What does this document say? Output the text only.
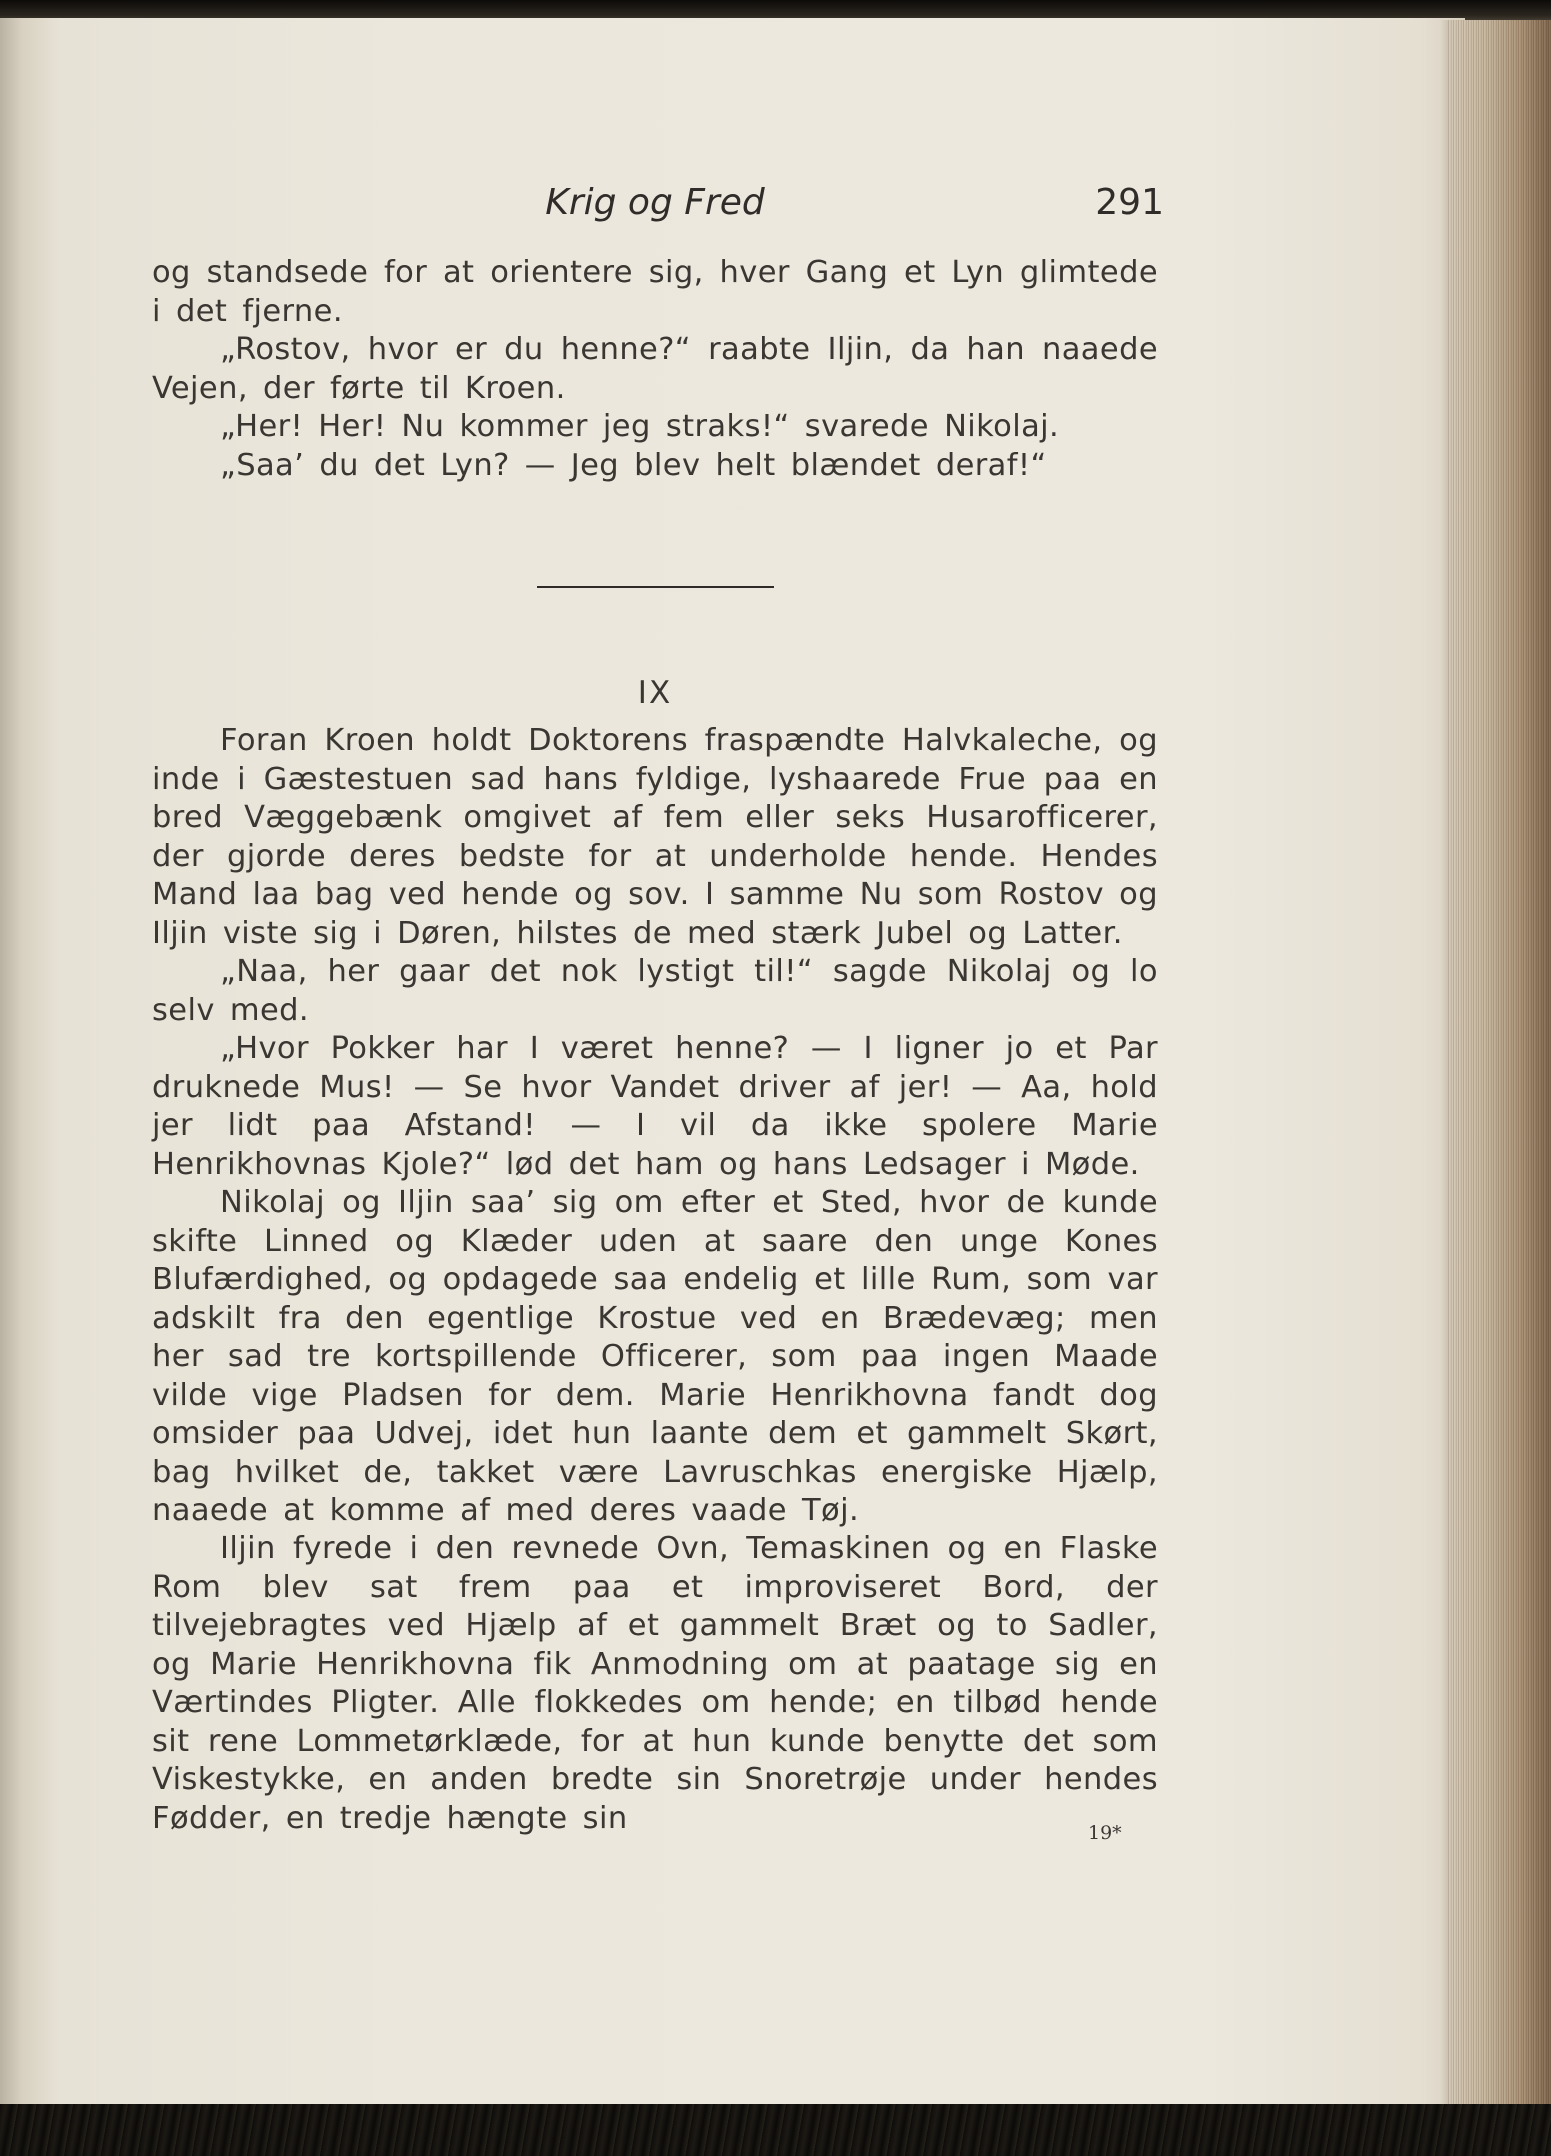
Krig og Fred	291

og standsede for at orientere sig, hver Gang et Lyn glimtede i det fjerne.

„Rostov, hvor er du henne?“ raabte Iljin, da han naaede Vejen, der førte til Kroen.

„Her! Her! Nu kommer jeg straks!“ svarede Nikolaj.

„Saa’ du det Lyn? — Jeg blev helt blændet deraf!“

IX

Foran Kroen holdt Doktorens fraspændte Halvkaleche, og inde i Gæstestuen sad hans fyldige, lyshaarede Frue paa en bred Væggebænk omgivet af fem eller seks Husarofficerer, der gjorde deres bedste for at underholde hende. Hendes Mand laa bag ved hende og sov. I samme Nu som Rostov og Iljin viste sig i Døren, hilstes de med stærk Jubel og Latter.

„Naa, her gaar det nok lystigt til!“ sagde Nikolaj og lo selv med.

„Hvor Pokker har I været henne? — I ligner jo et Par druknede Mus! — Se hvor Vandet driver af jer! — Aa, hold jer lidt paa Afstand! — I vil da ikke spolere Marie Henrikhovnas Kjole?“ lød det ham og hans Ledsager i Møde.

Nikolaj og Iljin saa’ sig om efter et Sted, hvor de kunde skifte Linned og Klæder uden at saare den unge Kones Blufærdighed, og opdagede saa endelig et lille Rum, som var adskilt fra den egentlige Krostue ved en Brædevæg; men her sad tre kortspillende Officerer, som paa ingen Maade vilde vige Pladsen for dem. Marie Henrikhovna fandt dog omsider paa Udvej, idet hun laante dem et gammelt Skørt, bag hvilket de, takket være Lavruschkas energiske Hjælp, naaede at komme af med deres vaade Tøj.

Iljin fyrede i den revnede Ovn, Temaskinen og en Flaske Rom blev sat frem paa et improviseret Bord, der tilvejebragtes ved Hjælp af et gammelt Bræt og to Sadler, og Marie Henrikhovna fik Anmodning om at paatage sig en Værtindes Pligter. Alle flokkedes om hende; en tilbød hende sit rene Lommetørklæde, for at hun kunde benytte det som Viskestykke, en anden bredte sin Snoretrøje under hendes Fødder, en tredje hængte sin	19*
